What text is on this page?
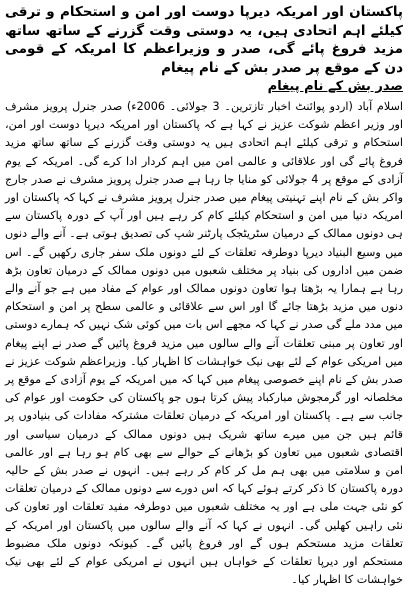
پاکستان اور امریکہ دیرپا دوست اور امن و استحکام و ترقی کیلئے اہم اتحادی ہیں، یہ دوستی وقت گزرنے کے ساتھ ساتھ مزید فروغ پائے گی، صدر و وزیراعظم کا امریکہ کے قومی دن کے موقع پر صدر بش کے نام پیغام
صدر بش کے نام پیغام

اسلام آباد (اردو پوائنٹ اخبار تازترین۔ 3 جولائی۔ 2006ء) صدر جنرل پرویز مشرف اور وزیر اعظم شوکت عزیز نے کہا ہے کہ پاکستان اور امریکہ دیرپا دوست اور امن، استحکام و ترقی کیلئے اہم اتحادی ہیں یہ دوستی وقت گزرنے کے ساتھ ساتھ مزید فروغ پائے گی اور علاقائی و عالمی امن میں اہم کردار ادا کرے گی۔ امریکہ کے یوم آزادی کے موقع پر 4 جولائی کو منایا جا رہا ہے صدر جنرل پرویز مشرف نے صدر جارج واکر بش کے نام اپنے تہنیتی پیغام میں صدر جنرل پرویز مشرف نے کہا کہ پاکستان اور امریکہ دنیا میں امن و استحکام کیلئے کام کر رہے ہیں اور آپ کے دورہ پاکستان سے ہی دونوں ممالک کے درمیان سٹریٹجک پارٹنر شپ کی تصدیق ہوتی ہے۔ آنے والے دنوں میں وسیع البنیاد دیرپا دوطرفہ تعلقات کے لئے دونوں ملک سفر جاری رکھیں گے۔ اس ضمن میں اداروں کی بنیاد پر مختلف شعبوں میں دونوں ممالک کے درمیان تعاون بڑھ رہا ہے ہمارا یہ بڑھتا ہوا تعاون دونوں ممالک اور عوام کے مفاد میں ہے جو آنے والے دنوں میں مزید بڑھتا جائے گا اور اس سے علاقائی و عالمی سطح پر امن و استحکام میں مدد ملے گی صدر نے کہا کہ مجھے اس بات میں کوئی شک نہیں کہ ہمارے دوستی اور تعاون پر مبنی تعلقات آنے والے سالوں میں مزید فروغ پائیں گے صدر نے اپنے پیغام میں امریکی عوام کے لئے بھی نیک خواہشات کا اظہار کیا۔ وزیراعظم شوکت عزیز نے صدر بش کے نام اپنے خصوصی پیغام میں کہا کہ میں امریکہ کے یوم آزادی کے موقع پر مخلصانہ اور گرمجوش مبارکباد پیش کرتا ہوں جو پاکستان کی حکومت اور عوام کی جانب سے ہے۔ پاکستان اور امریکہ کے درمیان تعلقات مشترکہ مفادات کی بنیادوں پر قائم ہیں جن میں میرے ساتھ شریک ہیں دونوں ممالک کے درمیان سیاسی اور اقتصادی شعبوں میں تعاون کو بڑھانے کے حوالے سے بھی کام ہو رہا ہے اور عالمی امن و سلامتی میں بھی ہم مل کر کام کر رہے ہیں۔ انہوں نے صدر بش کے حالیہ دورہ پاکستان کا ذکر کرتے ہوئے کہا کہ اس دورے سے دونوں ممالک کے درمیان تعلقات کو نئی جہت ملی ہے اور یہ مختلف شعبوں میں دوطرفہ مفید تعلقات اور تعاون کی نئی راہیں کھلیں گی۔ انہوں نے کہا کہ آنے والے سالوں میں پاکستان اور امریکہ کے تعلقات مزید مستحکم ہوں گے اور فروغ پائیں گے۔ کیونکہ دونوں ملک مضبوط مستحکم اور دیرپا تعلقات کے خواہاں ہیں انہوں نے امریکی عوام کے لئے بھی نیک خواہشات کا اظہار کیا۔
